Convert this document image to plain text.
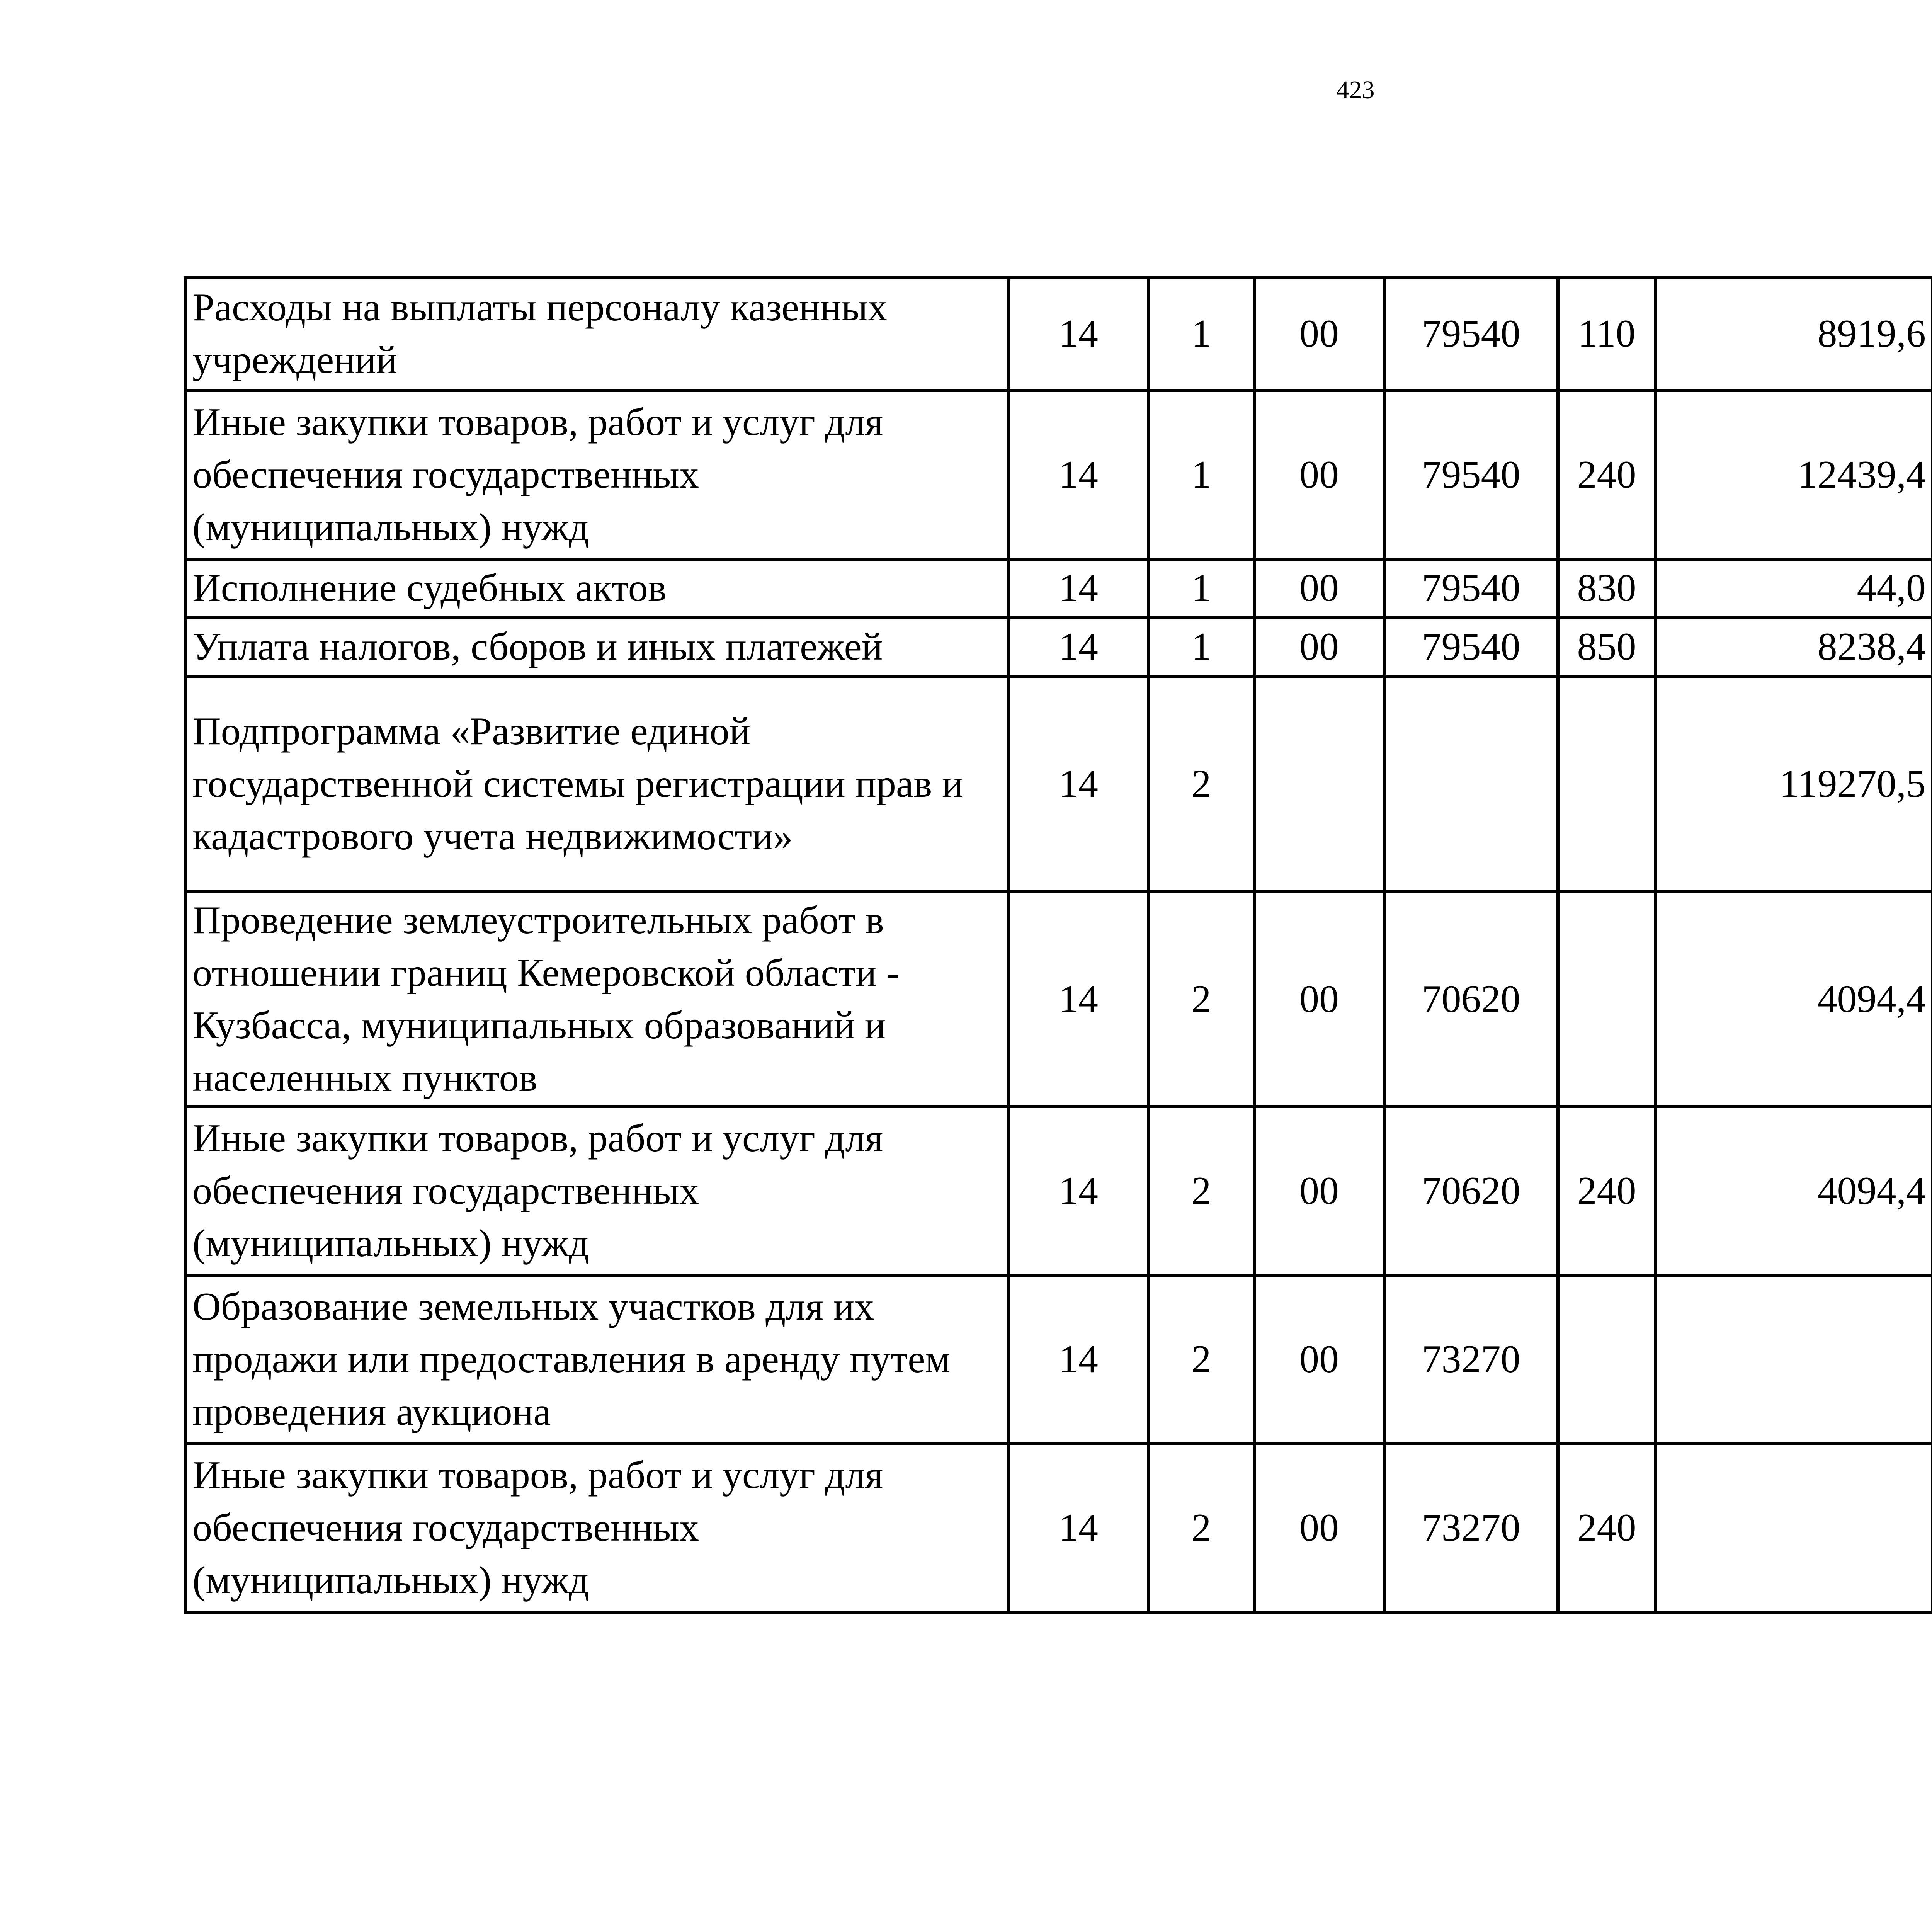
423
Расходы на выплаты персоналу казенных учреждений	14	1	00	79540	110	8919,6		
Иные закупки товаров, работ и услуг для обеспечения государственных (муниципальных) нужд	14	1	00	79540	240	12439,4		
Исполнение судебных актов	14	1	00	79540	830	44,0		
Уплата налогов, сборов и иных платежей	14	1	00	79540	850	8238,4		
Подпрограмма «Развитие единой государственной системы регистрации прав и кадастрового учета недвижимости»	14	2				119270,5		
Проведение землеустроительных работ в отношении границ Кемеровской области - Кузбасса, муниципальных образований и населенных пунктов	14	2	00	70620		4094,4		
Иные закупки товаров, работ и услуг для обеспечения государственных (муниципальных) нужд	14	2	00	70620	240	4094,4		
Образование земельных участков для их продажи или предоставления в аренду путем проведения аукциона	14	2	00	73270				
Иные закупки товаров, работ и услуг для обеспечения государственных (муниципальных) нужд	14	2	00	73270	240			
